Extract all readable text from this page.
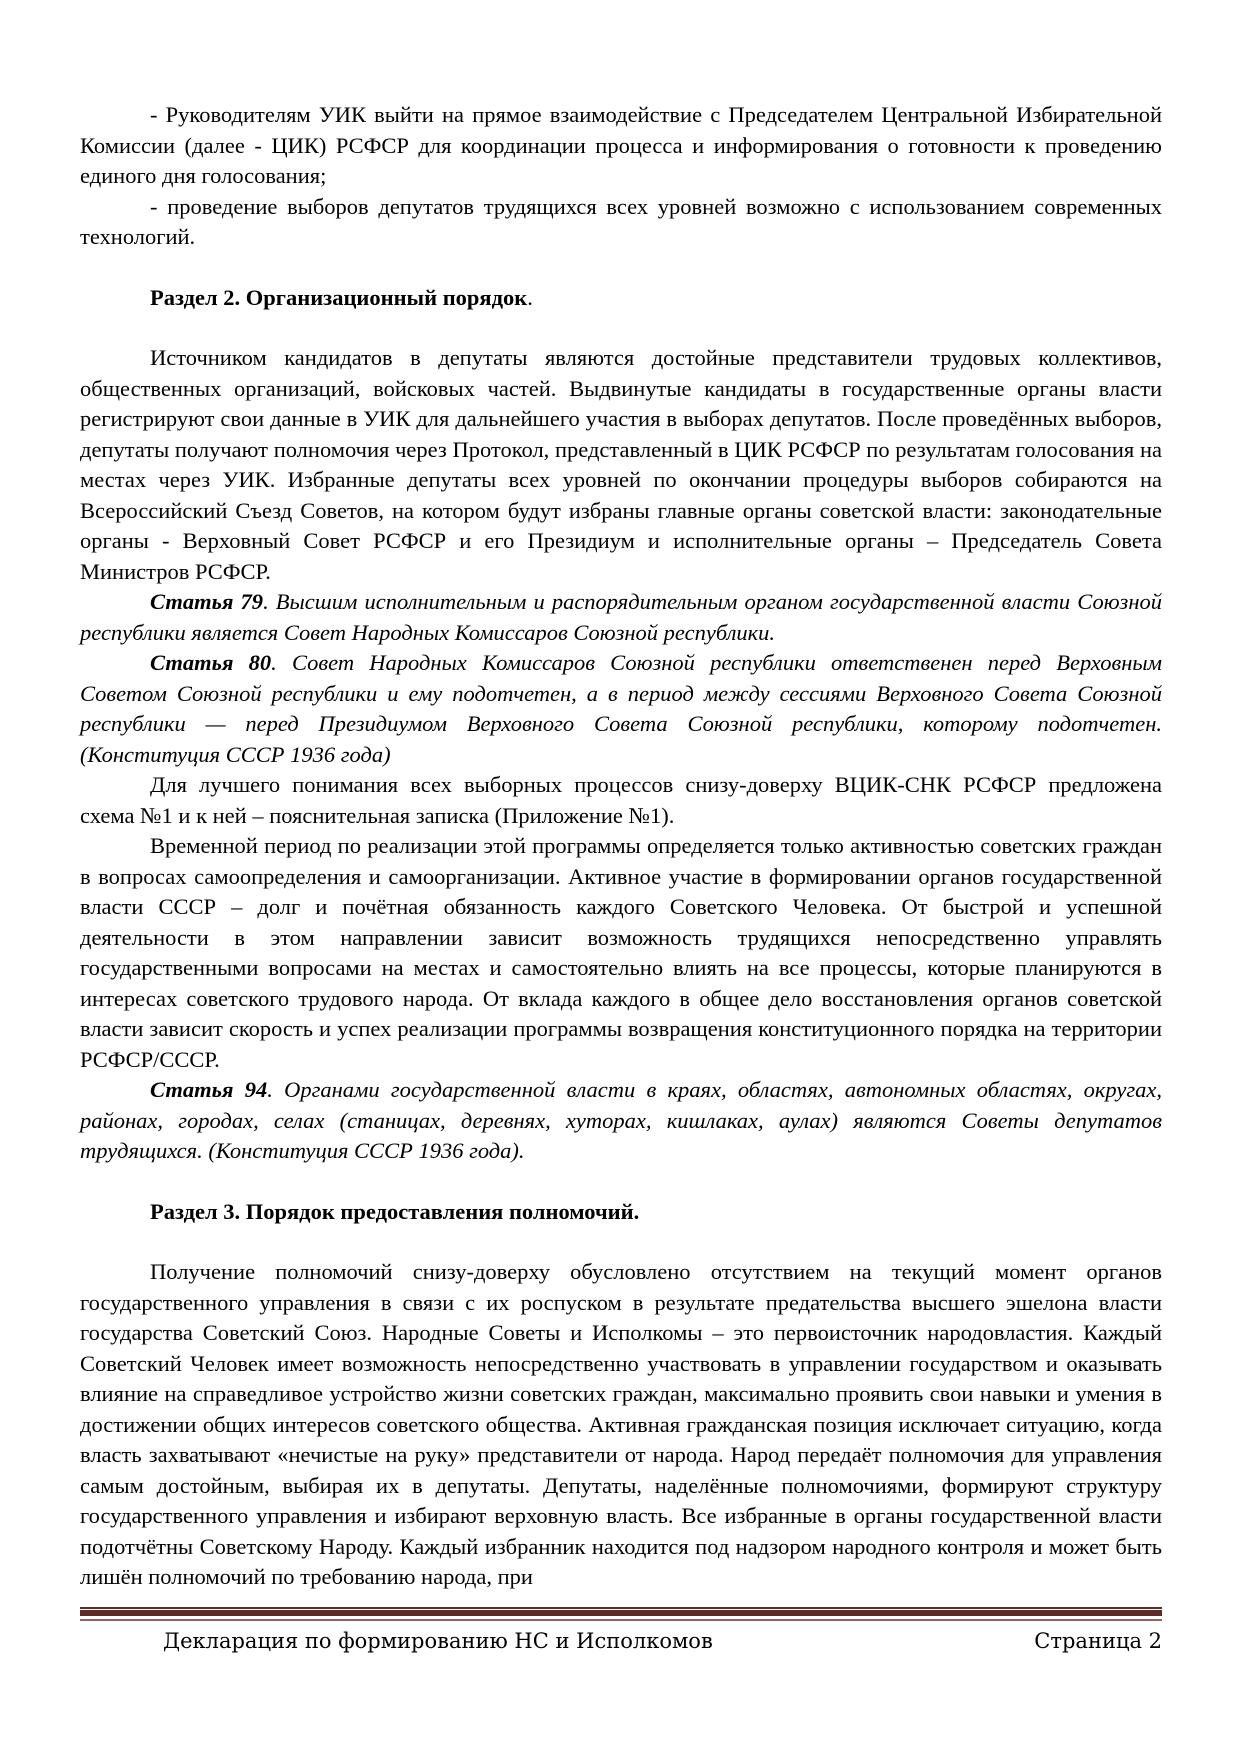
- Руководителям УИК выйти на прямое взаимодействие с Председателем Центральной Избирательной Комиссии (далее - ЦИК) РСФСР для координации процесса и информирования о готовности к проведению единого дня голосования;

- проведение выборов депутатов трудящихся всех уровней возможно с использованием современных технологий.

Раздел 2. Организационный порядок.

Источником кандидатов в депутаты являются достойные представители трудовых коллективов, общественных организаций, войсковых частей. Выдвинутые кандидаты в государственные органы власти регистрируют свои данные в УИК для дальнейшего участия в выборах депутатов. После проведённых выборов, депутаты получают полномочия через Протокол, представленный в ЦИК РСФСР по результатам голосования на местах через УИК. Избранные депутаты всех уровней по окончании процедуры выборов собираются на Всероссийский Съезд Советов, на котором будут избраны главные органы советской власти: законодательные органы - Верховный Совет РСФСР и его Президиум и исполнительные органы – Председатель Совета Министров РСФСР.

Статья 79. Высшим исполнительным и распорядительным органом государственной власти Союзной республики является Совет Народных Комиссаров Союзной республики.

Статья 80. Совет Народных Комиссаров Союзной республики ответственен перед Верховным Советом Союзной республики и ему подотчетен, а в период между сессиями Верховного Совета Союзной республики — перед Президиумом Верховного Совета Союзной республики, которому подотчетен. (Конституция СССР 1936 года)

Для лучшего понимания всех выборных процессов снизу-доверху ВЦИК-СНК РСФСР предложена схема №1 и к ней – пояснительная записка (Приложение №1).

Временной период по реализации этой программы определяется только активностью советских граждан в вопросах самоопределения и самоорганизации. Активное участие в формировании органов государственной власти СССР – долг и почётная обязанность каждого Советского Человека. От быстрой и успешной деятельности в этом направлении зависит возможность трудящихся непосредственно управлять государственными вопросами на местах и самостоятельно влиять на все процессы, которые планируются в интересах советского трудового народа. От вклада каждого в общее дело восстановления органов советской власти зависит скорость и успех реализации программы возвращения конституционного порядка на территории РСФСР/СССР.

Статья 94. Органами государственной власти в краях, областях, автономных областях, округах, районах, городах, селах (станицах, деревнях, хуторах, кишлаках, аулах) являются Советы депутатов трудящихся. (Конституция СССР 1936 года).

Раздел 3. Порядок предоставления полномочий.

Получение полномочий снизу-доверху обусловлено отсутствием на текущий момент органов государственного управления в связи с их роспуском в результате предательства высшего эшелона власти государства Советский Союз. Народные Советы и Исполкомы – это первоисточник народовластия. Каждый Советский Человек имеет возможность непосредственно участвовать в управлении государством и оказывать влияние на справедливое устройство жизни советских граждан, максимально проявить свои навыки и умения в достижении общих интересов советского общества. Активная гражданская позиция исключает ситуацию, когда власть захватывают «нечистые на руку» представители от народа. Народ передаёт полномочия для управления самым достойным, выбирая их в депутаты. Депутаты, наделённые полномочиями, формируют структуру государственного управления и избирают верховную власть. Все избранные в органы государственной власти подотчётны Советскому Народу. Каждый избранник находится под надзором народного контроля и может быть лишён полномочий по требованию народа, при

Декларация по формированию НС и Исполкомов	Страница 2
